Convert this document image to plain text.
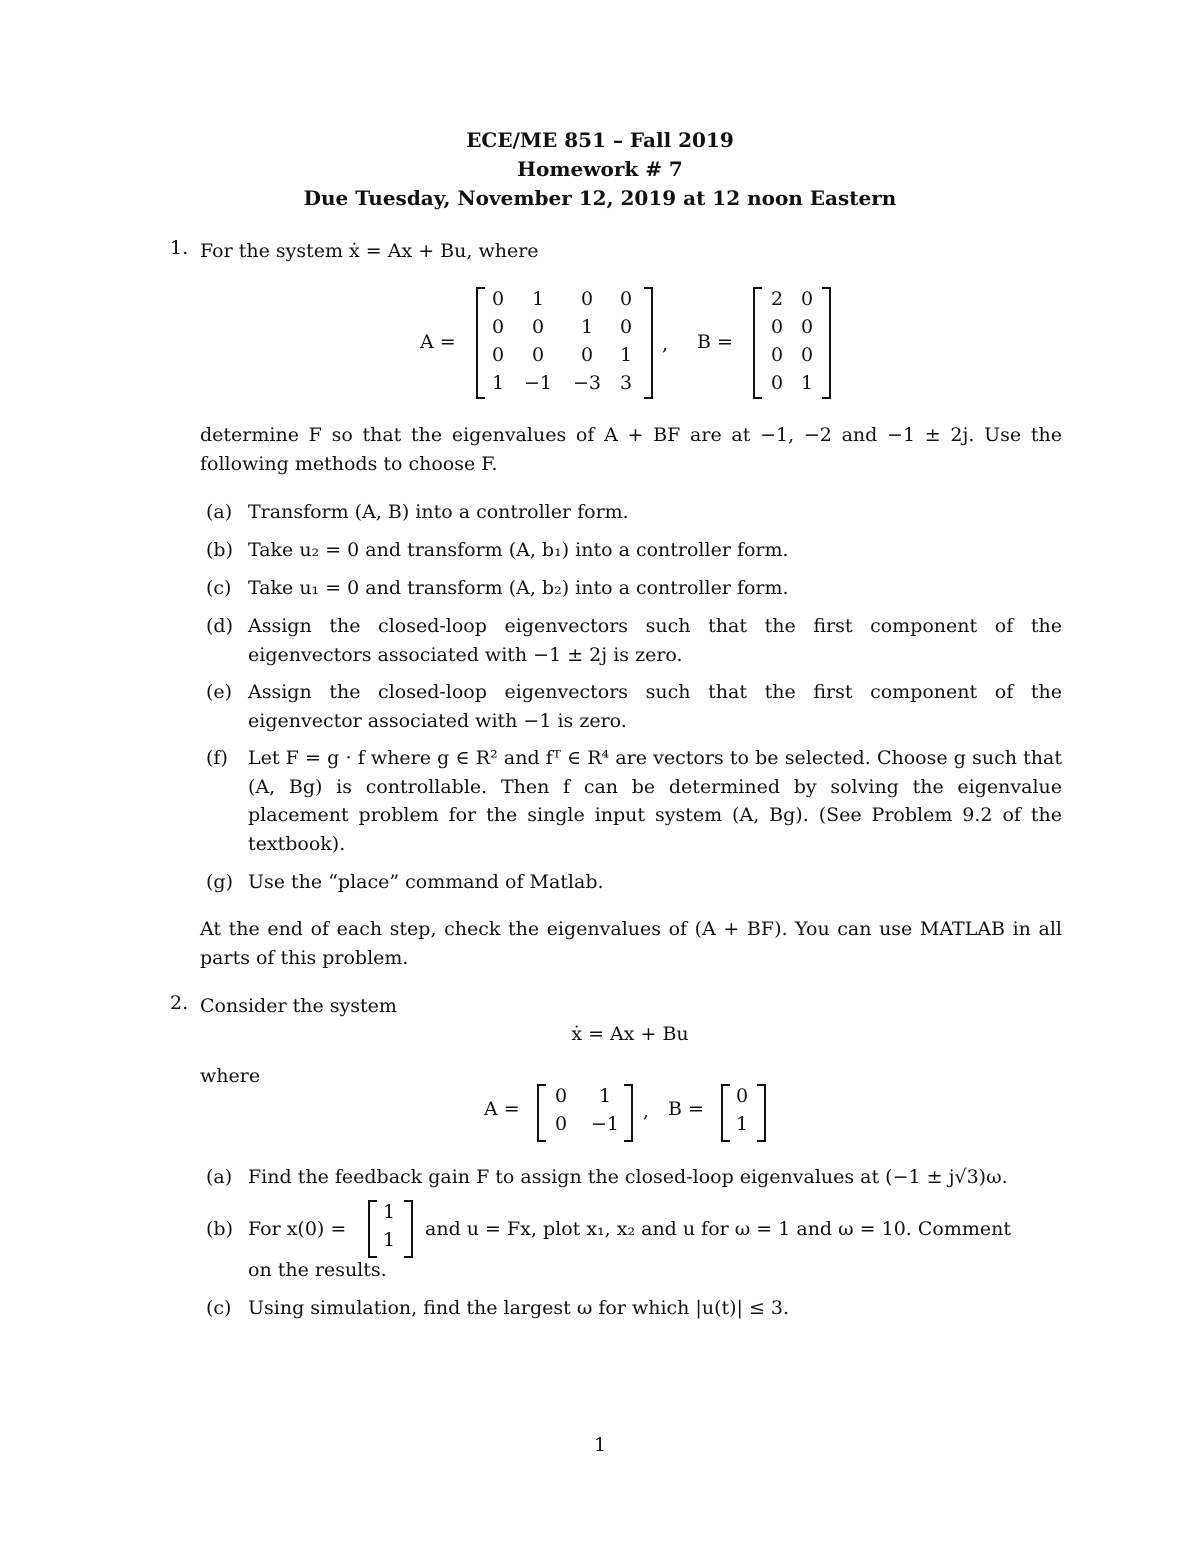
ECE/ME 851 – Fall 2019
Homework # 7
Due Tuesday, November 12, 2019 at 12 noon Eastern
1. For the system ẋ = Ax + Bu, where
A =
0	1	0	0
0	0	1	0
0	0	0	1
1	−1	−3 3
, B =
2 0
0 0
0 0
0 1
determine F so that the eigenvalues of A + BF are at −1, −2 and −1 ± 2j. Use the following methods to choose F.
(a) Transform (A, B) into a controller form.
(b) Take u₂ = 0 and transform (A, b₁) into a controller form.
(c) Take u₁ = 0 and transform (A, b₂) into a controller form.
(d) Assign the closed-loop eigenvectors such that the first component of the eigenvectors associated with −1 ± 2j is zero.
(e) Assign the closed-loop eigenvectors such that the first component of the eigenvector associated with −1 is zero.
(f)	Let F = g · f where g ∈ R² and fᵀ ∈ R⁴ are vectors to be selected. Choose g such that (A, Bg) is controllable. Then f can be determined by solving the eigenvalue placement problem for the single input system (A, Bg). (See Problem 9.2 of the textbook).
(g) Use the “place” command of Matlab.
At the end of each step, check the eigenvalues of (A + BF). You can use MATLAB in all parts of this problem.
2. Consider the system
ẋ = Ax + Bu
where
A =
0	1
0	−1
, B =
0
1
(a) Find the feedback gain F to assign the closed-loop eigenvalues at (−1 ± j√3)ω.
(b) For x(0) =
1
1	and u = Fx, plot x₁, x₂ and u for ω = 1 and ω = 10. Comment
on the results.
(c) Using simulation, find the largest ω for which |u(t)| ≤ 3.
1
